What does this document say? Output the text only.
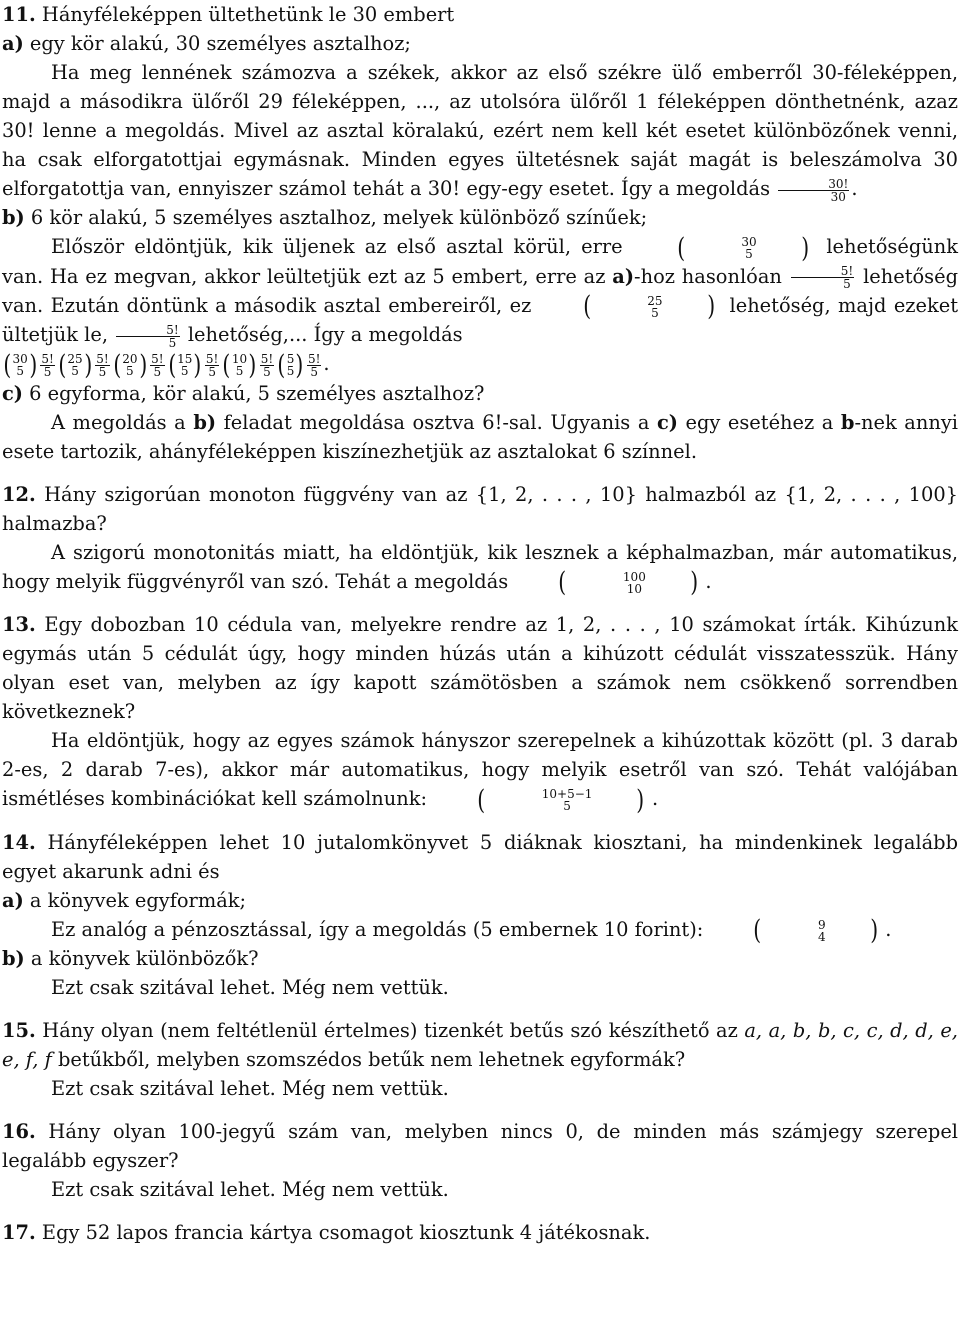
11. Hányféleképpen ültethetünk le 30 embert

a) egy kör alakú, 30 személyes asztalhoz;

Ha meg lennének számozva a székek, akkor az első székre ülő emberről 30-féleképpen, majd a másodikra ülőről 29 féleképpen, ..., az utolsóra ülőről 1 féleképpen dönthetnénk, azaz 30! lenne a megoldás. Mivel az asztal köralakú, ezért nem kell két esetet különbözőnek venni, ha csak elforgatottjai egymásnak. Minden egyes ültetésnek saját magát is beleszámolva 30 elforgatottja van, ennyiszer számol tehát a 30! egy-egy esetet. Így a megoldás $\frac{30!}{30}$ .

b) 6 kör alakú, 5 személyes asztalhoz, melyek különböző színűek;

Először eldöntjük, kik üljenek az első asztal körül, erre	(	30
5	) lehetőségünk van. Ha ez megvan, akkor leültetjük ezt az 5 embert, erre az a)-hoz hasonlóan $\frac{5!}{5}$ lehetőség van. Ezután döntünk a második asztal embereiről, ez	(	25
5	) lehetőség, majd ezeket ültetjük le, $\frac{5!}{5}$ lehetőség,... Így a megoldás

( 30
5 ) $\frac{5!}{5}$ ( 25
5 ) $\frac{5!}{5}$ ( 20
5 ) $\frac{5!}{5}$ ( 15
5 ) $\frac{5!}{5}$ ( 10
5 ) $\frac{5!}{5}$ ( 5
5 ) $\frac{5!}{5}$ .

c) 6 egyforma, kör alakú, 5 személyes asztalhoz?

A megoldás a b) feladat megoldása osztva 6!-sal. Ugyanis a c) egy esetéhez a b-nek annyi esete tartozik, ahányféleképpen kiszínezhetjük az asztalokat 6 színnel.

12. Hány szigorúan monoton függvény van az {1, 2, . . . , 10} halmazból az {1, 2, . . . , 100} halmazba?

A szigorú monotonitás miatt, ha eldöntjük, kik lesznek a képhalmazban, már automatikus, hogy melyik függvényről van szó. Tehát a megoldás	(	100
10	) .

13. Egy dobozban 10 cédula van, melyekre rendre az 1, 2, . . . , 10 számokat írták. Kihúzunk egymás után 5 cédulát úgy, hogy minden húzás után a kihúzott cédulát visszatesszük. Hány olyan eset van, melyben az így kapott számötösben a számok nem csökkenő sorrendben következnek?

Ha eldöntjük, hogy az egyes számok hányszor szerepelnek a kihúzottak között (pl. 3 darab 2-es, 2 darab 7-es), akkor már automatikus, hogy melyik esetről van szó. Tehát valójában ismétléses kombinációkat kell számolnunk:	(	10+5−1
5	) .

14. Hányféleképpen lehet 10 jutalomkönyvet 5 diáknak kiosztani, ha mindenkinek legalább egyet akarunk adni és

a) a könyvek egyformák;

Ez analóg a pénzosztással, így a megoldás (5 embernek 10 forint):	(	9
4	) .

b) a könyvek különbözők?

Ezt csak szitával lehet. Még nem vettük.

15. Hány olyan (nem feltétlenül értelmes) tizenkét betűs szó készíthető az a, a, b, b, c, c, d, d, e, e, f, f betűkből, melyben szomszédos betűk nem lehetnek egyformák?

Ezt csak szitával lehet. Még nem vettük.

16. Hány olyan 100-jegyű szám van, melyben nincs 0, de minden más számjegy szerepel legalább egyszer?

Ezt csak szitával lehet. Még nem vettük.

17. Egy 52 lapos francia kártya csomagot kiosztunk 4 játékosnak.
